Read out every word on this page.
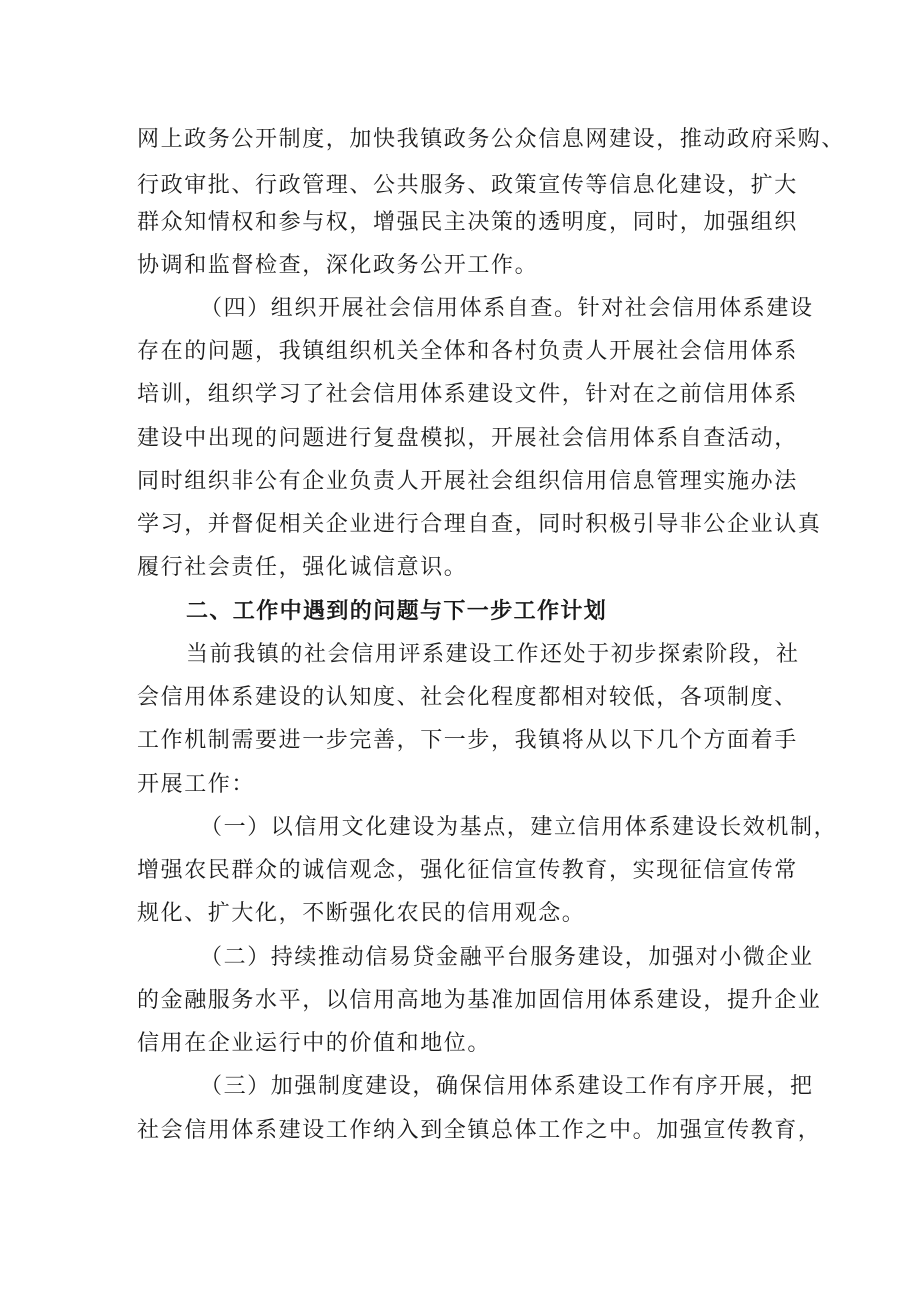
网上政务公开制度，加快我镇政务公众信息网建设，推动政府采购、

行政审批、行政管理、公共服务、政策宣传等信息化建设，扩大

群众知情权和参与权，增强民主决策的透明度，同时，加强组织

协调和监督检查，深化政务公开工作。

（四）组织开展社会信用体系自查。针对社会信用体系建设

存在的问题，我镇组织机关全体和各村负责人开展社会信用体系

培训，组织学习了社会信用体系建设文件，针对在之前信用体系

建设中出现的问题进行复盘模拟，开展社会信用体系自查活动，

同时组织非公有企业负责人开展社会组织信用信息管理实施办法

学习，并督促相关企业进行合理自查，同时积极引导非公企业认真

履行社会责任，强化诚信意识。

二、工作中遇到的问题与下一步工作计划

当前我镇的社会信用评系建设工作还处于初步探索阶段，社

会信用体系建设的认知度、社会化程度都相对较低，各项制度、

工作机制需要进一步完善，下一步，我镇将从以下几个方面着手

开展工作：

（一）以信用文化建设为基点，建立信用体系建设长效机制，

增强农民群众的诚信观念，强化征信宣传教育，实现征信宣传常

规化、扩大化，不断强化农民的信用观念。

（二）持续推动信易贷金融平台服务建设，加强对小微企业

的金融服务水平，以信用高地为基准加固信用体系建设，提升企业

信用在企业运行中的价值和地位。

（三）加强制度建设，确保信用体系建设工作有序开展，把

社会信用体系建设工作纳入到全镇总体工作之中。加强宣传教育，
